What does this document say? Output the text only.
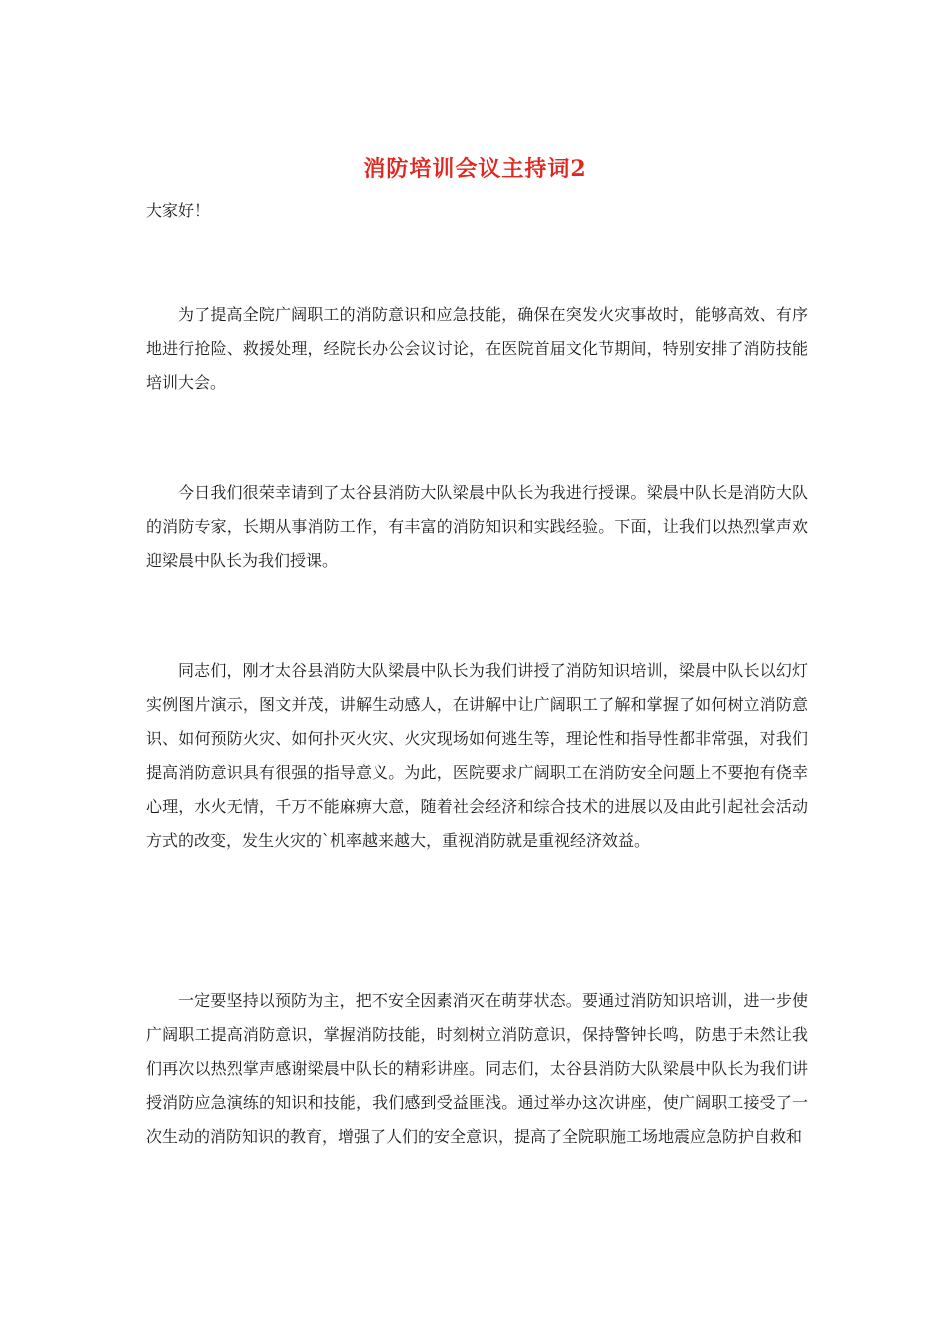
消防培训会议主持词2
大家好！

为了提高全院广阔职工的消防意识和应急技能，确保在突发火灾事故时，能够高效、有序地进行抢险、救援处理，经院长办公会议讨论，在医院首届文化节期间，特别安排了消防技能培训大会。

今日我们很荣幸请到了太谷县消防大队梁晨中队长为我进行授课。梁晨中队长是消防大队的消防专家，长期从事消防工作，有丰富的消防知识和实践经验。下面，让我们以热烈掌声欢迎梁晨中队长为我们授课。

同志们，刚才太谷县消防大队梁晨中队长为我们讲授了消防知识培训，梁晨中队长以幻灯实例图片演示，图文并茂，讲解生动感人，在讲解中让广阔职工了解和掌握了如何树立消防意识、如何预防火灾、如何扑灭火灾、火灾现场如何逃生等，理论性和指导性都非常强，对我们提高消防意识具有很强的指导意义。为此，医院要求广阔职工在消防安全问题上不要抱有侥幸心理，水火无情，千万不能麻痹大意，随着社会经济和综合技术的进展以及由此引起社会活动方式的改变，发生火灾的`机率越来越大，重视消防就是重视经济效益。

一定要坚持以预防为主，把不安全因素消灭在萌芽状态。要通过消防知识培训，进一步使广阔职工提高消防意识，掌握消防技能，时刻树立消防意识，保持警钟长鸣，防患于未然让我们再次以热烈掌声感谢梁晨中队长的精彩讲座。同志们，太谷县消防大队梁晨中队长为我们讲授消防应急演练的知识和技能，我们感到受益匪浅。通过举办这次讲座，使广阔职工接受了一次生动的消防知识的教育，增强了人们的安全意识，提高了全院职施工场地震应急防护自救和
